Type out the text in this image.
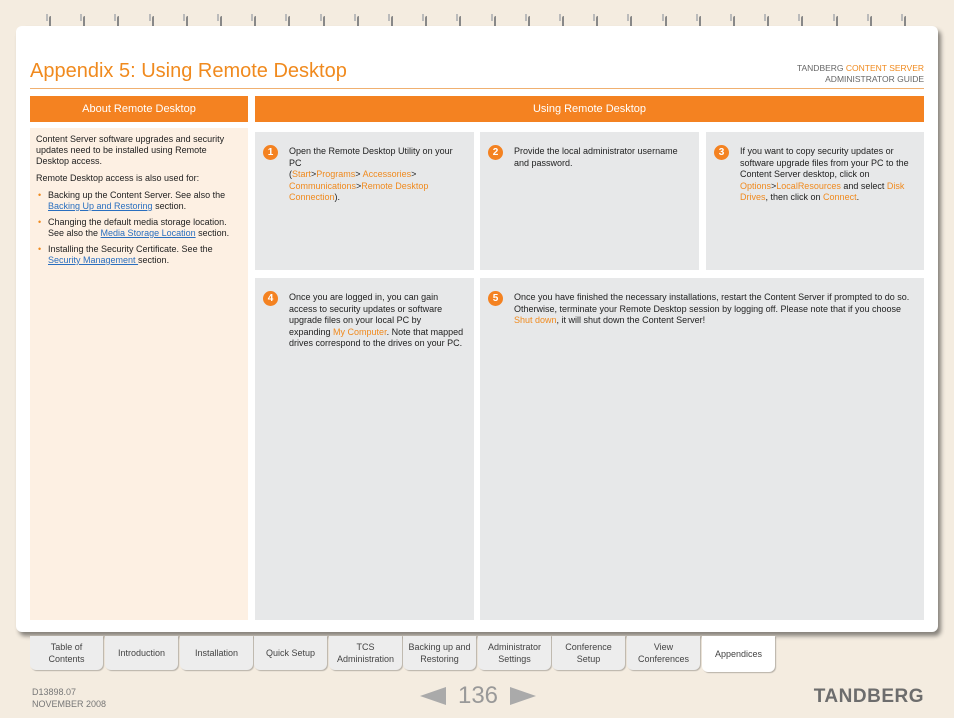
Appendix 5: Using Remote Desktop	TANDBERG CONTENT SERVER
ADMINISTRATOR GUIDE
About Remote Desktop	Using Remote Desktop

Content Server software upgrades and security updates need to be installed using Remote Desktop access.

Remote Desktop access is also used for:

• Backing up the Content Server. See also the Backing Up and Restoring section.
• Changing the default media storage location. See also the Media Storage Location section.
• Installing the Security Certificate. See the Security Management section.
1	Open the Remote Desktop Utility on your PC
(Start>Programs> Accessories> Communications>Remote Desktop Connection).
2	Provide the local administrator username and password.
3	If you want to copy security updates or software upgrade files from your PC to the Content Server desktop, click on Options>LocalResources and select Disk Drives, then click on Connect.
4	Once you are logged in, you can gain access to security updates or software upgrade files on your local PC by expanding My Computer. Note that mapped drives correspond to the drives on your PC.
5	Once you have finished the necessary installations, restart the Content Server if prompted to do so. Otherwise, terminate your Remote Desktop session by logging off. Please note that if you choose Shut down, it will shut down the Content Server!
Table of
Contents
Introduction	Installation	Quick Setup
TCS
Administration
Backing up and
Restoring
Administrator
Settings
Conference
Setup
View
Conferences	Appendices
D13898.07
NOVEMBER 2008	136	TANDBERG
